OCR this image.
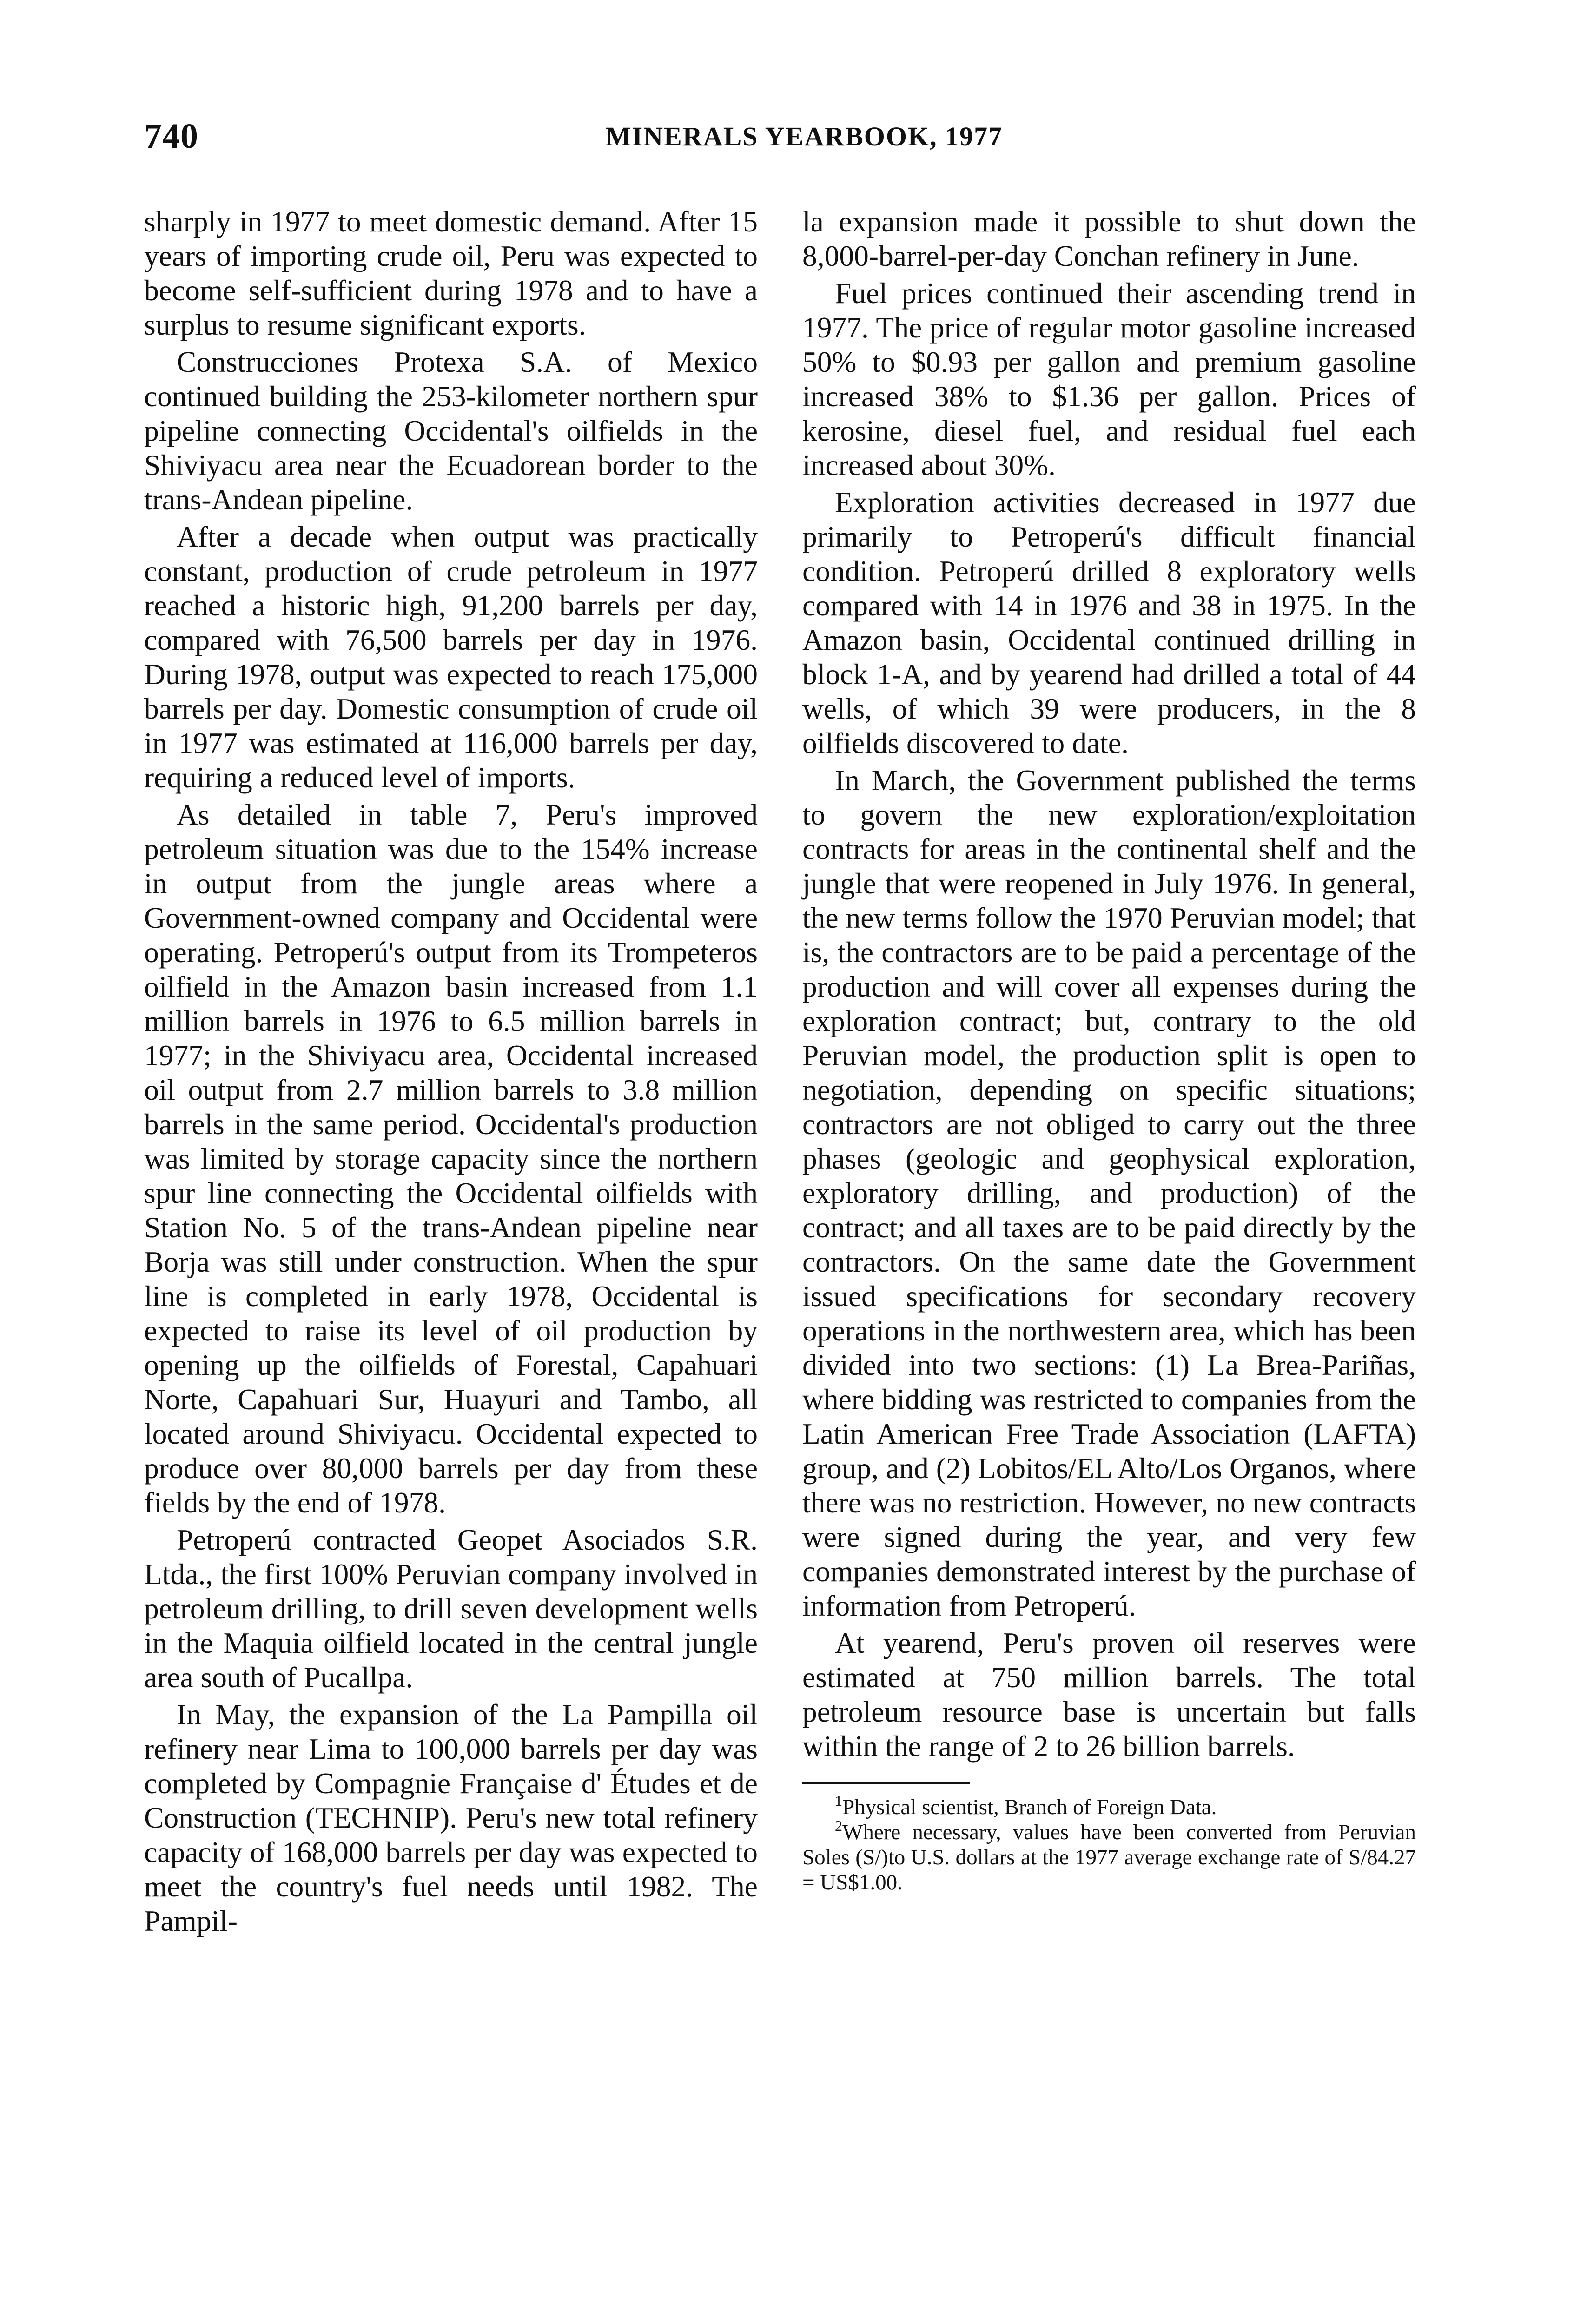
740	MINERALS YEARBOOK, 1977

sharply in 1977 to meet domestic demand. After 15 years of importing crude oil, Peru was expected to become self-sufficient during 1978 and to have a surplus to resume significant exports.

Construcciones Protexa S.A. of Mexico continued building the 253-kilometer northern spur pipeline connecting Occidental's oilfields in the Shiviyacu area near the Ecuadorean border to the trans-Andean pipeline.

After a decade when output was practically constant, production of crude petroleum in 1977 reached a historic high, 91,200 barrels per day, compared with 76,500 barrels per day in 1976. During 1978, output was expected to reach 175,000 barrels per day. Domestic consumption of crude oil in 1977 was estimated at 116,000 barrels per day, requiring a reduced level of imports.

As detailed in table 7, Peru's improved petroleum situation was due to the 154% increase in output from the jungle areas where a Government-owned company and Occidental were operating. Petroperú's output from its Trompeteros oilfield in the Amazon basin increased from 1.1 million barrels in 1976 to 6.5 million barrels in 1977; in the Shiviyacu area, Occidental increased oil output from 2.7 million barrels to 3.8 million barrels in the same period. Occidental's production was limited by storage capacity since the northern spur line connecting the Occidental oilfields with Station No. 5 of the trans-Andean pipeline near Borja was still under construction. When the spur line is completed in early 1978, Occidental is expected to raise its level of oil production by opening up the oilfields of Forestal, Capahuari Norte, Capahuari Sur, Huayuri and Tambo, all located around Shiviyacu. Occidental expected to produce over 80,000 barrels per day from these fields by the end of 1978.

Petroperú contracted Geopet Asociados S.R. Ltda., the first 100% Peruvian company involved in petroleum drilling, to drill seven development wells in the Maquia oilfield located in the central jungle area south of Pucallpa.

In May, the expansion of the La Pampilla oil refinery near Lima to 100,000 barrels per day was completed by Compagnie Française d' Études et de Construction (TECHNIP). Peru's new total refinery capacity of 168,000 barrels per day was expected to meet the country's fuel needs until 1982. The Pampil-

la expansion made it possible to shut down the 8,000-barrel-per-day Conchan refinery in June.

Fuel prices continued their ascending trend in 1977. The price of regular motor gasoline increased 50% to $0.93 per gallon and premium gasoline increased 38% to $1.36 per gallon. Prices of kerosine, diesel fuel, and residual fuel each increased about 30%.

Exploration activities decreased in 1977 due primarily to Petroperú's difficult financial condition. Petroperú drilled 8 exploratory wells compared with 14 in 1976 and 38 in 1975. In the Amazon basin, Occidental continued drilling in block 1-A, and by yearend had drilled a total of 44 wells, of which 39 were producers, in the 8 oilfields discovered to date.

In March, the Government published the terms to govern the new exploration/exploitation contracts for areas in the continental shelf and the jungle that were reopened in July 1976. In general, the new terms follow the 1970 Peruvian model; that is, the contractors are to be paid a percentage of the production and will cover all expenses during the exploration contract; but, contrary to the old Peruvian model, the production split is open to negotiation, depending on specific situations; contractors are not obliged to carry out the three phases (geologic and geophysical exploration, exploratory drilling, and production) of the contract; and all taxes are to be paid directly by the contractors. On the same date the Government issued specifications for secondary recovery operations in the northwestern area, which has been divided into two sections: (1) La Brea-Pariñas, where bidding was restricted to companies from the Latin American Free Trade Association (LAFTA) group, and (2) Lobitos/EL Alto/Los Organos, where there was no restriction. However, no new contracts were signed during the year, and very few companies demonstrated interest by the purchase of information from Petroperú.

At yearend, Peru's proven oil reserves were estimated at 750 million barrels. The total petroleum resource base is uncertain but falls within the range of 2 to 26 billion barrels.

$^1$Physical scientist, Branch of Foreign Data.

$^2$Where necessary, values have been converted from Peruvian Soles (S/)to U.S. dollars at the 1977 average exchange rate of S/84.27 = US$1.00.
